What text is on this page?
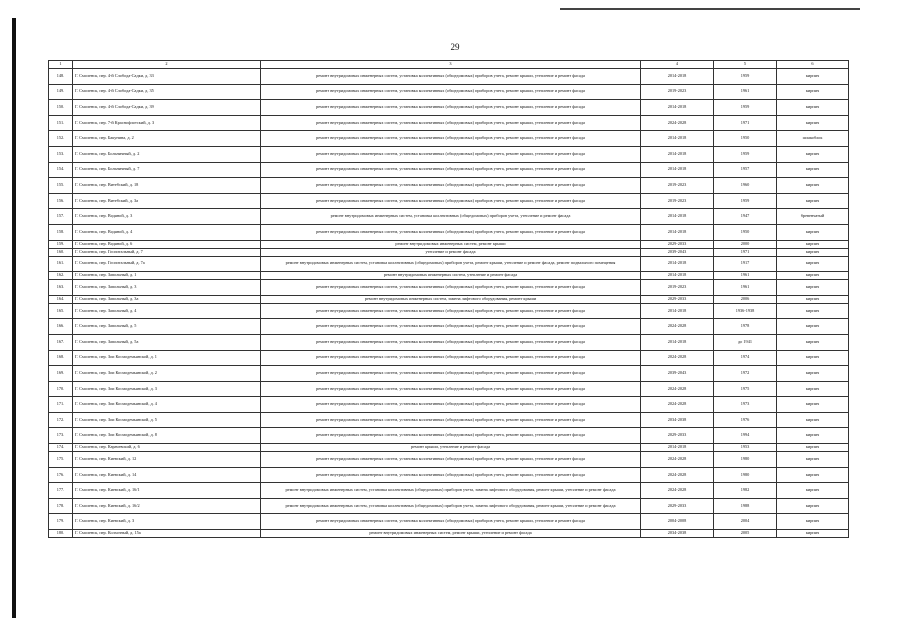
29
1	2	3	4	5	6
148.	Г. Смоленск, пер. 4-й Слобода-Садки, д. 33	ремонт внутридомовых инженерных систем, установка коллективных (общедомовых) приборов учета, ремонт крыши, утепление и ремонт фасада	2014-2018	1959	кирпич
149.	Г. Смоленск, пер. 4-й Слобода-Садки, д. 35	ремонт внутридомовых инженерных систем, установка коллективных (общедомовых) приборов учета, ремонт крыши, утепление и ремонт фасада	2019-2023	1961	кирпич
150.	Г. Смоленск, пер. 4-й Слобода-Садки, д. 39	ремонт внутридомовых инженерных систем, установка коллективных (общедомовых) приборов учета, ремонт крыши, утепление и ремонт фасада	2014-2018	1959	кирпич
151.	Г. Смоленск, пер. 7-й Краснофлотский, д. 3	ремонт внутридомовых инженерных систем, установка коллективных (общедомовых) приборов учета, ремонт крыши, утепление и ремонт фасада	2024-2028	1971	кирпич
152.	Г. Смоленск, пер. Бакунина, д. 2	ремонт внутридомовых инженерных систем, установка коллективных (общедомовых) приборов учета, ремонт крыши, утепление и ремонт фасада	2014-2018	1950	шлакоблок
153.	Г. Смоленск, пер. Больничный, д. 2	ремонт внутридомовых инженерных систем, установка коллективных (общедомовых) приборов учета, ремонт крыши, утепление и ремонт фасада	2014-2018	1959	кирпич
154.	Г. Смоленск, пер. Больничный, д. 7	ремонт внутридомовых инженерных систем, установка коллективных (общедомовых) приборов учета, ремонт крыши, утепление и ремонт фасада	2014-2018	1957	кирпич
155.	Г. Смоленск, пер. Витебский, д. 18	ремонт внутридомовых инженерных систем, установка коллективных (общедомовых) приборов учета, ремонт крыши, утепление и ремонт фасада	2019-2023	1960	кирпич
156.	Г. Смоленск, пер. Витебский, д. 3а	ремонт внутридомовых инженерных систем, установка коллективных (общедомовых) приборов учета, ремонт крыши, утепление и ремонт фасада	2019-2023	1959	кирпич
157.	Г. Смоленск, пер. Водяной, д. 3	ремонт внутридомовых инженерных систем, установка коллективных (общедомовых) приборов учета, утепление и ремонт фасада	2014-2018	1947	бревенчатый
158.	Г. Смоленск, пер. Водяной, д. 4	ремонт внутридомовых инженерных систем, установка коллективных (общедомовых) приборов учета, ремонт крыши, утепление и ремонт фасада	2014-2018	1950	кирпич
159.	Г. Смоленск, пер. Водяной, д. 6	ремонт внутридомовых инженерных систем, ремонт крыши	2029-2033	2000	кирпич
160.	Г. Смоленск, пер. Госпитальный, д. 7	утепление и ремонт фасада	2039-2043	1971	кирпич
161.	Г. Смоленск, пер. Госпитальный, д. 7а	ремонт внутридомовых инженерных систем, установка коллективных (общедомовых) приборов учета, ремонт крыши, утепление и ремонт фасада, ремонт подвального помещения	2014-2018	1917	кирпич
162.	Г. Смоленск, пер. Запольный, д. 1	ремонт внутридомовых инженерных систем, утепление и ремонт фасада	2014-2018	1961	кирпич
163.	Г. Смоленск, пер. Запольный, д. 3	ремонт внутридомовых инженерных систем, установка коллективных (общедомовых) приборов учета, ремонт крыши, утепление и ремонт фасада	2019-2023	1961	кирпич
164.	Г. Смоленск, пер. Запольный, д. 3а	ремонт внутридомовых инженерных систем, замена лифтового оборудования, ремонт крыши	2029-2033	2006	кирпич
165.	Г. Смоленск, пер. Запольный, д. 4	ремонт внутридомовых инженерных систем, установка коллективных (общедомовых) приборов учета, ремонт крыши, утепление и ремонт фасада	2014-2018	1936-1938	кирпич
166.	Г. Смоленск, пер. Запольный, д. 5	ремонт внутридомовых инженерных систем, установка коллективных (общедомовых) приборов учета, ремонт крыши, утепление и ремонт фасада	2024-2028	1978	кирпич
167.	Г. Смоленск, пер. Запольный, д. 5а	ремонт внутридомовых инженерных систем, установка коллективных (общедомовых) приборов учета, ремонт крыши, утепление и ремонт фасада	2014-2018	до 1941	кирпич
168.	Г. Смоленск, пер. Зои Космодемьянской, д. 1	ремонт внутридомовых инженерных систем, установка коллективных (общедомовых) приборов учета, ремонт крыши, утепление и ремонт фасада	2024-2028	1974	кирпич
169.	Г. Смоленск, пер. Зои Космодемьянской, д. 2	ремонт внутридомовых инженерных систем, установка коллективных (общедомовых) приборов учета, ремонт крыши, утепление и ремонт фасада	2039-2043	1972	кирпич
170.	Г. Смоленск, пер. Зои Космодемьянской, д. 3	ремонт внутридомовых инженерных систем, установка коллективных (общедомовых) приборов учета, ремонт крыши, утепление и ремонт фасада	2024-2028	1975	кирпич
171.	Г. Смоленск, пер. Зои Космодемьянской, д. 4	ремонт внутридомовых инженерных систем, установка коллективных (общедомовых) приборов учета, ремонт крыши, утепление и ремонт фасада	2024-2028	1973	кирпич
172.	Г. Смоленск, пер. Зои Космодемьянской, д. 5	ремонт внутридомовых инженерных систем, установка коллективных (общедомовых) приборов учета, ремонт крыши, утепление и ремонт фасада	2034-2038	1976	кирпич
173.	Г. Смоленск, пер. Зои Космодемьянской, д. 8	ремонт внутридомовых инженерных систем, установка коллективных (общедомовых) приборов учета, ремонт крыши, утепление и ремонт фасада	2029-2033	1994	кирпич
174.	Г. Смоленск, пер. Карачевский, д. 6	ремонт крыши, утепление и ремонт фасада	2014-2018	1953	кирпич
175.	Г. Смоленск, пер. Киевский, д. 12	ремонт внутридомовых инженерных систем, установка коллективных (общедомовых) приборов учета, ремонт крыши, утепление и ремонт фасада	2024-2028	1980	кирпич
176.	Г. Смоленск, пер. Киевский, д. 14	ремонт внутридомовых инженерных систем, установка коллективных (общедомовых) приборов учета, ремонт крыши, утепление и ремонт фасада	2024-2028	1980	кирпич
177.	Г. Смоленск, пер. Киевский, д. 16/1	ремонт внутридомовых инженерных систем, установка коллективных (общедомовых) приборов учета, замена лифтового оборудования, ремонт крыши, утепление и ремонт фасада	2024-2028	1982	кирпич
178.	Г. Смоленск, пер. Киевский, д. 16/2	ремонт внутридомовых инженерных систем, установка коллективных (общедомовых) приборов учета, замена лифтового оборудования, ремонт крыши, утепление и ремонт фасада	2029-2033	1988	кирпич
179.	Г. Смоленск, пер. Киевский, д. 3	ремонт внутридомовых инженерных систем, установка коллективных (общедомовых) приборов учета, ремонт крыши, утепление и ремонт фасада	2004-2008	2004	кирпич
180.	Г. Смоленск, пер. Колхозный, д. 15а	ремонт внутридомовых инженерных систем, ремонт крыши, утепление и ремонт фасада	2034-2038	2005	кирпич
